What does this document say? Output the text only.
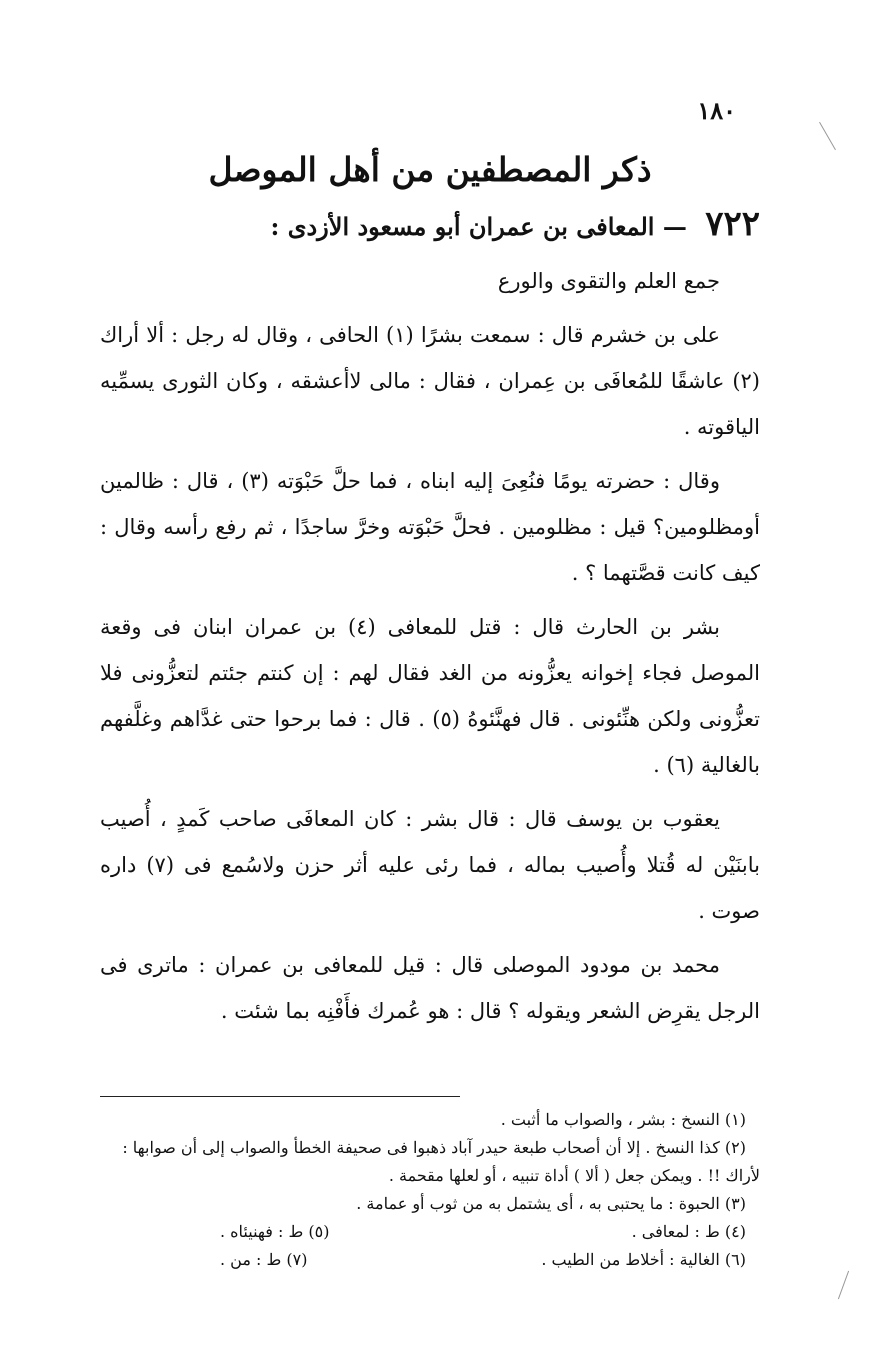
١٨٠
ذكر المصطفين من أهل الموصل
٧٢٢ — المعافى بن عمران أبو مسعود الأزدى :

جمع العلم والتقوى والورع

على بن خشرم قال : سمعت بشرًا (١) الحافى ، وقال له رجل : ألا أراك (٢) عاشقًا للمُعافَى بن عِمران ، فقال : مالى لاأعشقه ، وكان الثورى يسمِّيه الياقوته .

وقال : حضرته يومًا فنُعِىَ إليه ابناه ، فما حلَّ حَبْوَته (٣) ، قال : ظالمين أومظلومين؟ قيل : مظلومين . فحلَّ حَبْوَته وخرَّ ساجدًا ، ثم رفع رأسه وقال : كيف كانت قصَّتهما ؟ .

بشر بن الحارث قال : قتل للمعافى (٤) بن عمران ابنان فى وقعة الموصل فجاء إخوانه يعزُّونه من الغد فقال لهم : إن كنتم جئتم لتعزُّونى فلا تعزُّونى ولكن هنِّئونى . قال فهنَّئوهُ (٥) . قال : فما برحوا حتى غدَّاهم وغلَّفهم بالغالية (٦) .

يعقوب بن يوسف قال : قال بشر : كان المعافَى صاحب كَمدٍ ، أُصيب بابنَيْن له قُتلا وأُصيب بماله ، فما رئى عليه أثر حزن ولاسُمع فى (٧) داره صوت .

محمد بن مودود الموصلى قال : قيل للمعافى بن عمران : ماترى فى الرجل يقرِض الشعر ويقوله ؟ قال : هو عُمرك فأَفْنِه بما شئت .

(١) النسخ : بشر ، والصواب ما أثبت .

(٢) كذا النسخ . إلا أن أصحاب طبعة حيدر آباد ذهبوا فى صحيفة الخطأ والصواب إلى أن صوابها : لأراك !! . ويمكن جعل ( ألا ) أداة تنبيه ، أو لعلها مقحمة .

(٣) الحبوة : ما يحتبى به ، أى يشتمل به من ثوب أو عمامة .

(٤) ط : لمعافى .
(٥) ط : فهنيئاه .
(٦) الغالية : أخلاط من الطيب .
(٧) ط : من .
